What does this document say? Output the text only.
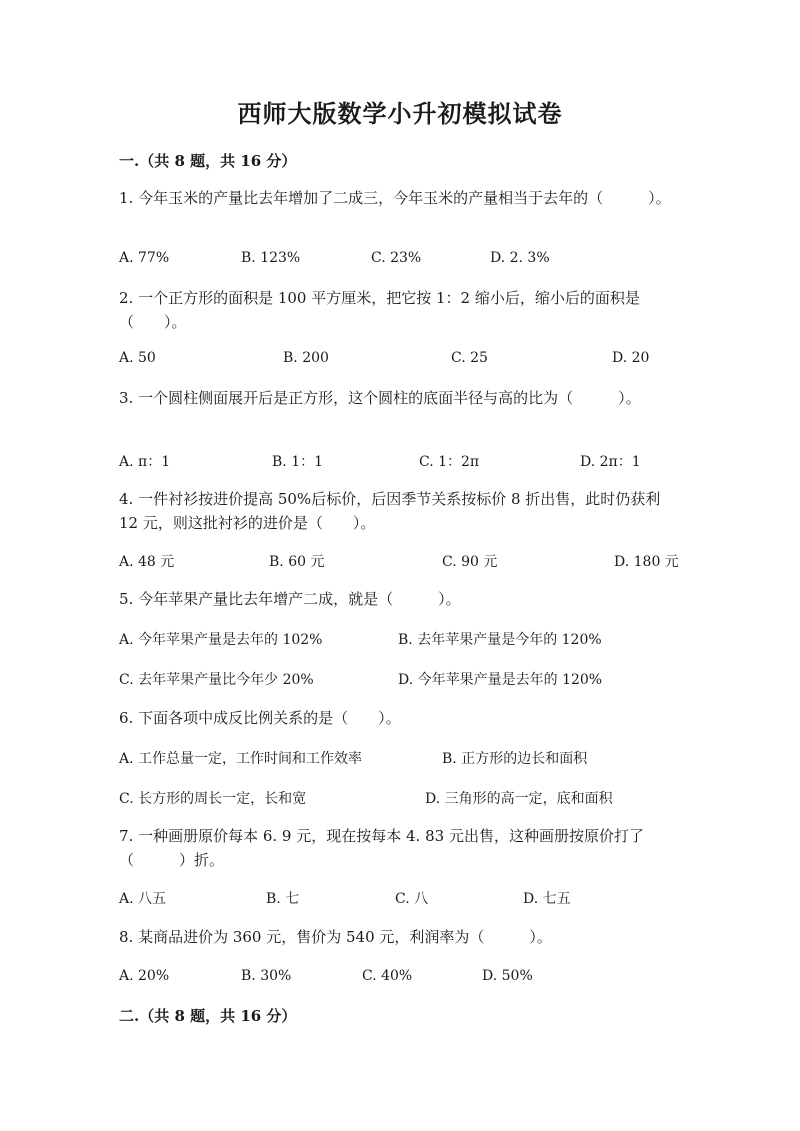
西师大版数学小升初模拟试卷
一.（共 8 题，共 16 分）
1. 今年玉米的产量比去年增加了二成三，今年玉米的产量相当于去年的（　　　）。
A. 77%	B. 123%	C. 23%	D. 2. 3%
2. 一个正方形的面积是 100 平方厘米，把它按 1：2 缩小后，缩小后的面积是（　　）。
A. 50	B. 200	C. 25	D. 20
3. 一个圆柱侧面展开后是正方形，这个圆柱的底面半径与高的比为（　　　）。
A. π：1	B. 1：1	C. 1：2π	D. 2π：1
4. 一件衬衫按进价提高 50%后标价，后因季节关系按标价 8 折出售，此时仍获利 12 元，则这批衬衫的进价是（　　）。
A. 48 元	B. 60 元	C. 90 元	D. 180 元
5. 今年苹果产量比去年增产二成，就是（　　　）。
A. 今年苹果产量是去年的 102%	B. 去年苹果产量是今年的 120%
C. 去年苹果产量比今年少 20%	D. 今年苹果产量是去年的 120%
6. 下面各项中成反比例关系的是（　　）。
A. 工作总量一定，工作时间和工作效率	B. 正方形的边长和面积
C. 长方形的周长一定，长和宽	D. 三角形的高一定，底和面积
7. 一种画册原价每本 6. 9 元，现在按每本 4. 83 元出售，这种画册按原价打了（　　　）折。
A. 八五	B. 七	C. 八	D. 七五
8. 某商品进价为 360 元，售价为 540 元，利润率为（　　　）。
A. 20%	B. 30%	C. 40%	D. 50%
二.（共 8 题，共 16 分）
